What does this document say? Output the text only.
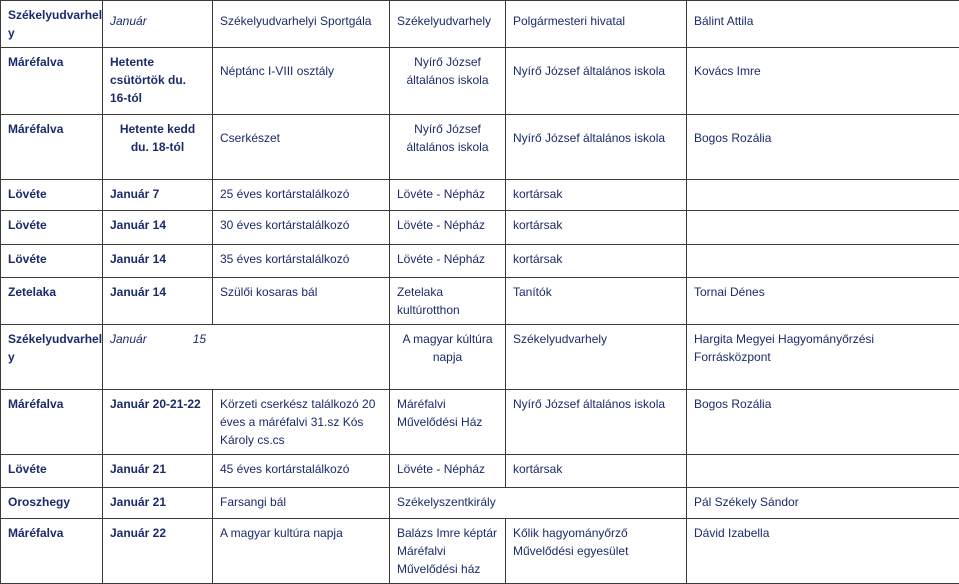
Székelyudvarhel y	Január	Székelyudvarhelyi Sportgála	Székelyudvarhely	Polgármesteri hivatal	Bálint Attila
Máréfalva	Hetente csütörtök du. 16-tól	Néptánc I-VIII osztály	Nyírő József általános iskola	Nyírő József általános iskola	Kovács Imre
Máréfalva	Hetente kedd du. 18-tól	Cserkészet	Nyírő József általános iskola	Nyírő József általános iskola	Bogos Rozália
Lövéte	Január 7	25 éves kortárstalálkozó	Lövéte - Népház	kortársak	
Lövéte	Január 14	30 éves kortárstalálkozó	Lövéte - Népház	kortársak	
Lövéte	Január 14	35 éves kortárstalálkozó	Lövéte - Népház	kortársak	
Zetelaka	Január 14	Szülői kosaras bál	Zetelaka kultúrotthon	Tanítók	Tornai Dénes
Székelyudvarhel y	Január 15		A magyar kúltúra napja	Székelyudvarhely	Hargita Megyei Hagyományőrzési Forrásközpont
Máréfalva	Január 20-21-22	Körzeti cserkész találkozó 20 éves a máréfalvi 31.sz Kós Károly cs.cs	Máréfalvi Művelődési Ház	Nyírő József általános iskola	Bogos Rozália
Lövéte	Január 21	45 éves kortárstalálkozó	Lövéte - Népház	kortársak	
Oroszhegy	Január 21	Farsangi bál	Székelyszentkirály		Pál Székely Sándor
Máréfalva	Január 22	A magyar kultúra napja	Balázs Imre képtár Máréfalvi Művelődési ház	Kőlik hagyományőrző Művelődési egyesület	Dávid Izabella
